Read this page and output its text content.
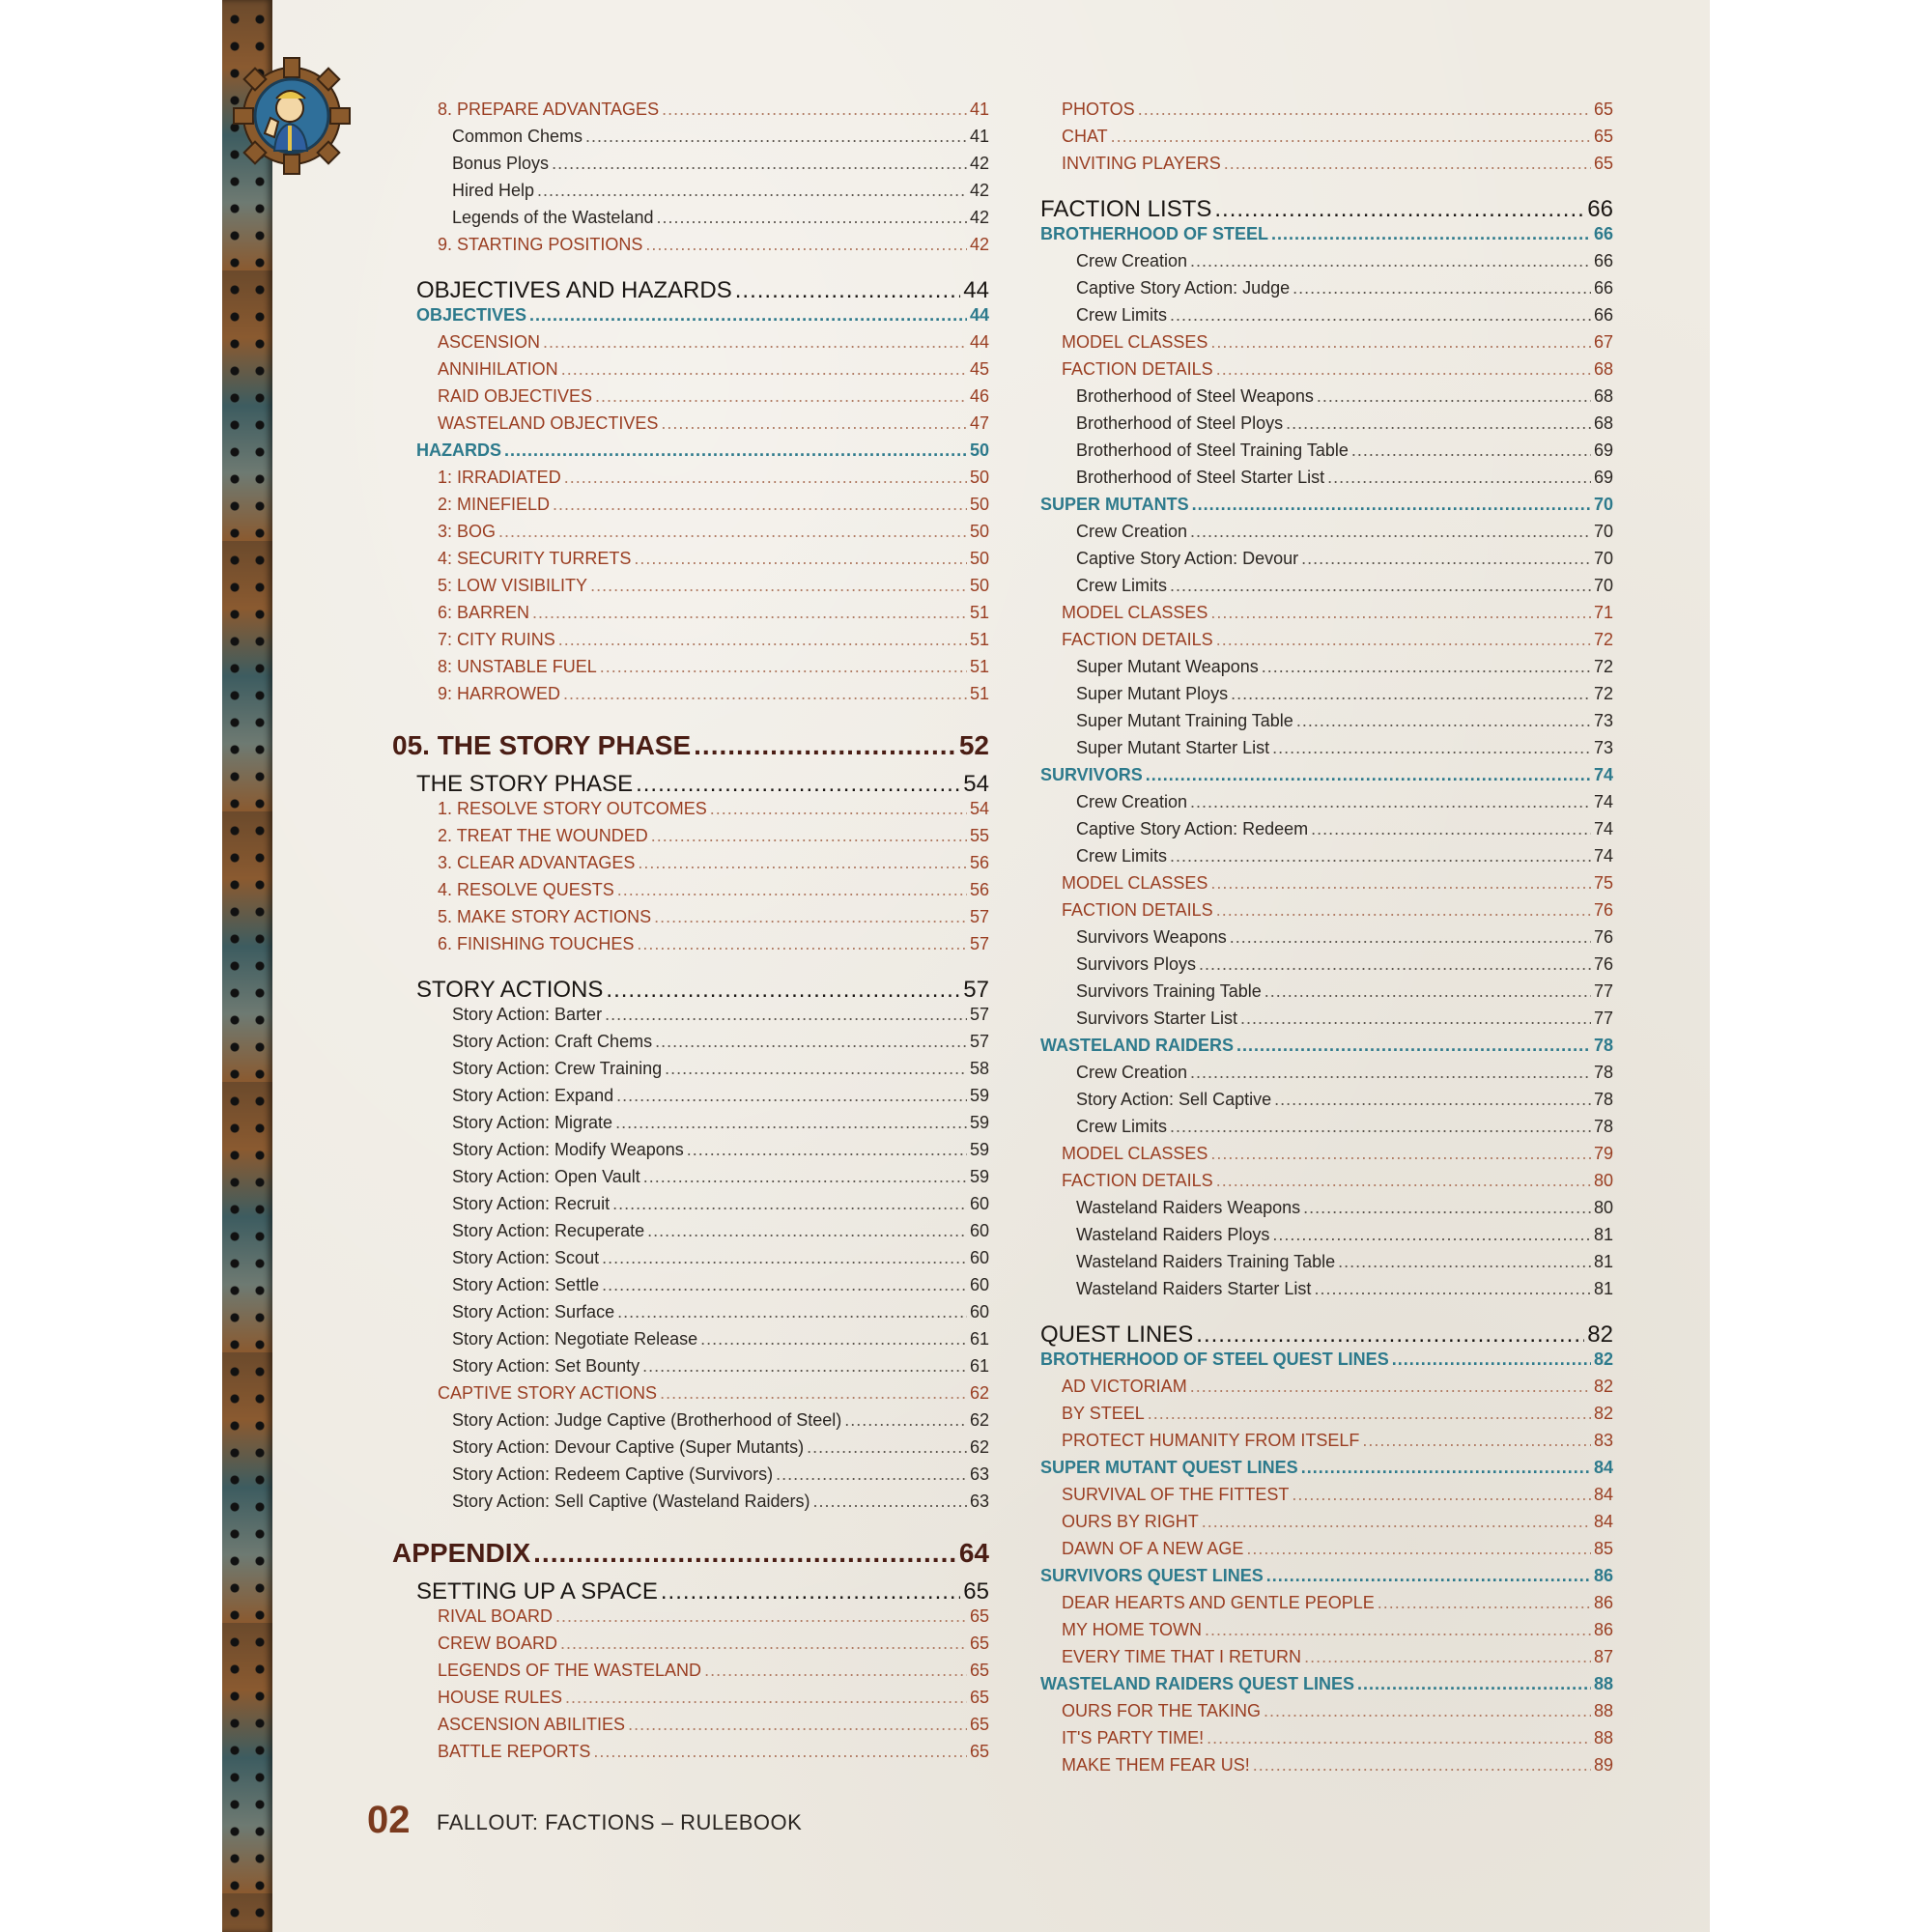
8. PREPARE ADVANTAGES .....	41
Common Chems .....	41
Bonus Ploys .....	42
Hired Help .....	42
Legends of the Wasteland .....	42
9. STARTING POSITIONS .....	42
OBJECTIVES AND HAZARDS .....	44
OBJECTIVES .....	44
ASCENSION .....	44
ANNIHILATION .....	45
RAID OBJECTIVES .....	46
WASTELAND OBJECTIVES .....	47
HAZARDS .....	50
1: IRRADIATED .....	50
2: MINEFIELD .....	50
3: BOG .....	50
4: SECURITY TURRETS .....	50
5: LOW VISIBILITY .....	50
6: BARREN .....	51
7: CITY RUINS .....	51
8: UNSTABLE FUEL .....	51
9: HARROWED .....	51
05. THE STORY PHASE .....	52
THE STORY PHASE .....	54
1. RESOLVE STORY OUTCOMES .....	54
2. TREAT THE WOUNDED .....	55
3. CLEAR ADVANTAGES .....	56
4. RESOLVE QUESTS .....	56
5. MAKE STORY ACTIONS .....	57
6. FINISHING TOUCHES .....	57
STORY ACTIONS .....	57
Story Action: Barter .....	57
Story Action: Craft Chems .....	57
Story Action: Crew Training .....	58
Story Action: Expand .....	59
Story Action: Migrate .....	59
Story Action: Modify Weapons .....	59
Story Action: Open Vault .....	59
Story Action: Recruit .....	60
Story Action: Recuperate .....	60
Story Action: Scout .....	60
Story Action: Settle .....	60
Story Action: Surface .....	60
Story Action: Negotiate Release .....	61
Story Action: Set Bounty .....	61
CAPTIVE STORY ACTIONS .....	62
Story Action: Judge Captive (Brotherhood of Steel) .....	62
Story Action: Devour Captive (Super Mutants) .....	62
Story Action: Redeem Captive (Survivors) .....	63
Story Action: Sell Captive (Wasteland Raiders) .....	63
APPENDIX .....	64
SETTING UP A SPACE .....	65
RIVAL BOARD .....	65
CREW BOARD .....	65
LEGENDS OF THE WASTELAND .....	65
HOUSE RULES .....	65
ASCENSION ABILITIES .....	65
BATTLE REPORTS .....	65
PHOTOS .....	65
CHAT .....	65
INVITING PLAYERS .....	65
FACTION LISTS .....	66
BROTHERHOOD OF STEEL .....	66
Crew Creation .....	66
Captive Story Action: Judge .....	66
Crew Limits .....	66
MODEL CLASSES .....	67
FACTION DETAILS .....	68
Brotherhood of Steel Weapons .....	68
Brotherhood of Steel Ploys .....	68
Brotherhood of Steel Training Table .....	69
Brotherhood of Steel Starter List .....	69
SUPER MUTANTS .....	70
Crew Creation .....	70
Captive Story Action: Devour .....	70
Crew Limits .....	70
MODEL CLASSES .....	71
FACTION DETAILS .....	72
Super Mutant Weapons .....	72
Super Mutant Ploys .....	72
Super Mutant Training Table .....	73
Super Mutant Starter List .....	73
SURVIVORS .....	74
Crew Creation .....	74
Captive Story Action: Redeem .....	74
Crew Limits .....	74
MODEL CLASSES .....	75
FACTION DETAILS .....	76
Survivors Weapons .....	76
Survivors Ploys .....	76
Survivors Training Table .....	77
Survivors Starter List .....	77
WASTELAND RAIDERS .....	78
Crew Creation .....	78
Story Action: Sell Captive .....	78
Crew Limits .....	78
MODEL CLASSES .....	79
FACTION DETAILS .....	80
Wasteland Raiders Weapons .....	80
Wasteland Raiders Ploys .....	81
Wasteland Raiders Training Table .....	81
Wasteland Raiders Starter List .....	81
QUEST LINES .....	82
BROTHERHOOD OF STEEL QUEST LINES .....	82
AD VICTORIAM .....	82
BY STEEL .....	82
PROTECT HUMANITY FROM ITSELF .....	83
SUPER MUTANT QUEST LINES .....	84
SURVIVAL OF THE FITTEST .....	84
OURS BY RIGHT .....	84
DAWN OF A NEW AGE .....	85
SURVIVORS QUEST LINES .....	86
DEAR HEARTS AND GENTLE PEOPLE .....	86
MY HOME TOWN .....	86
EVERY TIME THAT I RETURN .....	87
WASTELAND RAIDERS QUEST LINES .....	88
OURS FOR THE TAKING .....	88
IT'S PARTY TIME! .....	88
MAKE THEM FEAR US! .....	89
02 FALLOUT: FACTIONS – RULEBOOK
